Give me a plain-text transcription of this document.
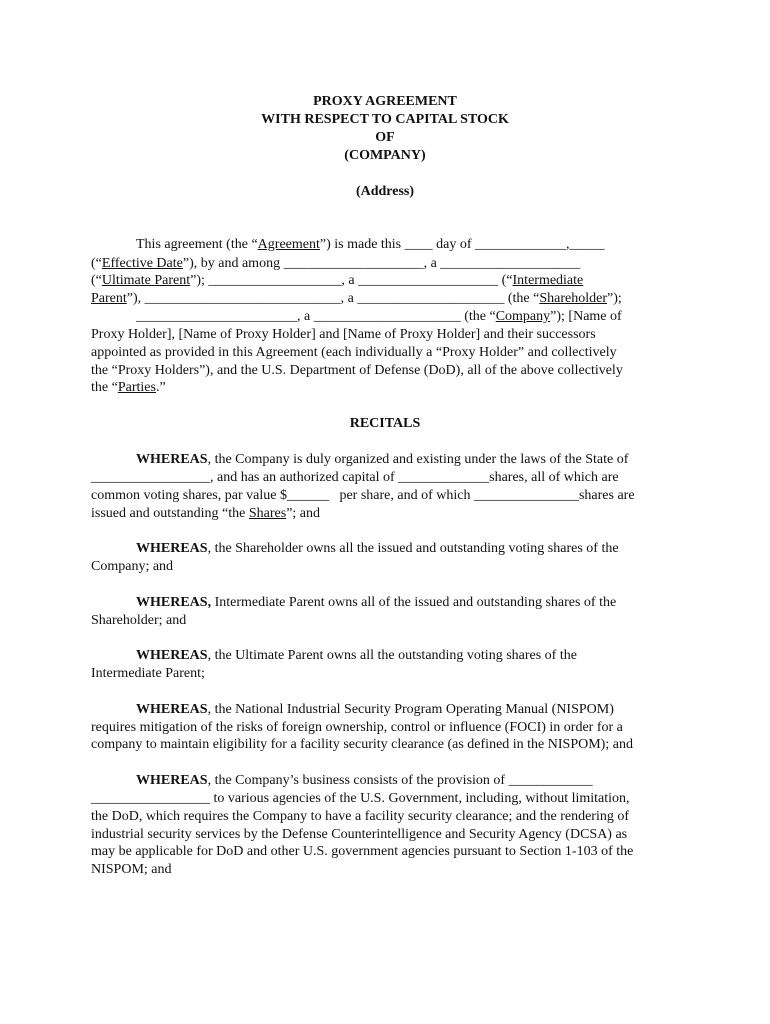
PROXY AGREEMENT
WITH RESPECT TO CAPITAL STOCK
OF
(COMPANY)
(Address)
This agreement (the “Agreement”) is made this ____ day of _____________,_____
(“Effective Date”), by and among ____________________, a ____________________
(“Ultimate Parent”); ___________________, a ____________________ (“Intermediate
Parent”), ____________________________, a _____________________ (the “Shareholder”);
_______________________, a _____________________ (the “Company”); [Name of
Proxy Holder], [Name of Proxy Holder] and [Name of Proxy Holder] and their successors
appointed as provided in this Agreement (each individually a “Proxy Holder” and collectively
the “Proxy Holders”), and the U.S. Department of Defense (DoD), all of the above collectively
the “Parties.”
RECITALS
WHEREAS, the Company is duly organized and existing under the laws of the State of
_________________, and has an authorized capital of _____________shares, all of which are
common voting shares, par value $______   per share, and of which _______________shares are
issued and outstanding “the Shares”; and
WHEREAS, the Shareholder owns all the issued and outstanding voting shares of the
Company; and
WHEREAS, Intermediate Parent owns all of the issued and outstanding shares of the
Shareholder; and
WHEREAS, the Ultimate Parent owns all the outstanding voting shares of the
Intermediate Parent;
WHEREAS, the National Industrial Security Program Operating Manual (NISPOM)
requires mitigation of the risks of foreign ownership, control or influence (FOCI) in order for a
company to maintain eligibility for a facility security clearance (as defined in the NISPOM); and
WHEREAS, the Company’s business consists of the provision of ____________
_________________ to various agencies of the U.S. Government, including, without limitation,
the DoD, which requires the Company to have a facility security clearance; and the rendering of
industrial security services by the Defense Counterintelligence and Security Agency (DCSA) as
may be applicable for DoD and other U.S. government agencies pursuant to Section 1-103 of the
NISPOM; and
